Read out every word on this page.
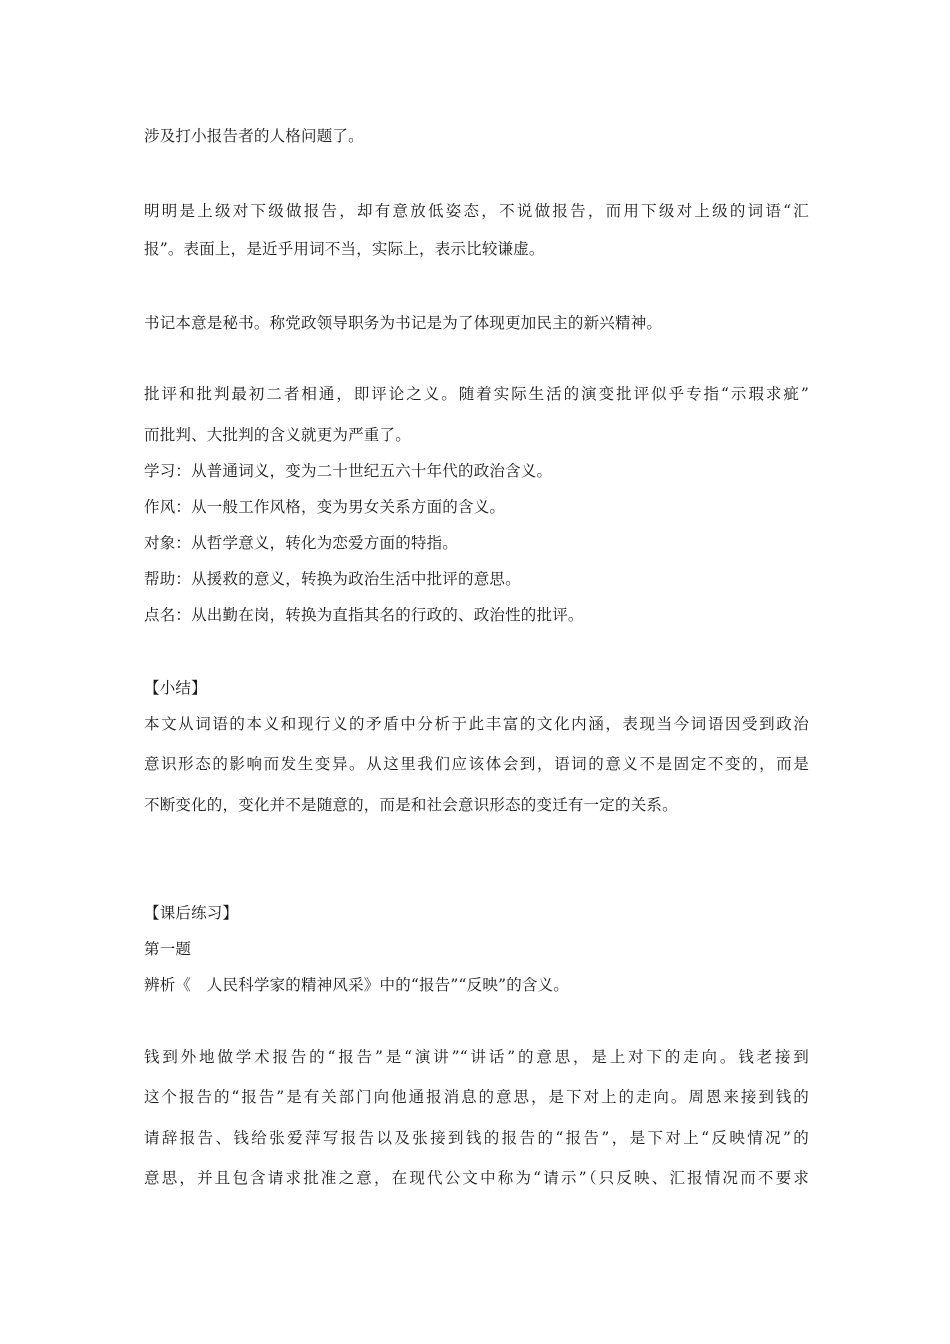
涉及打小报告者的人格问题了。
明明是上级对下级做报告，却有意放低姿态，不说做报告，而用下级对上级的词语“汇
报”。表面上，是近乎用词不当，实际上，表示比较谦虚。
书记本意是秘书。称党政领导职务为书记是为了体现更加民主的新兴精神。
批评和批判最初二者相通，即评论之义。随着实际生活的演变批评似乎专指“示瑕求疵”
而批判、大批判的含义就更为严重了。
学习：从普通词义，变为二十世纪五六十年代的政治含义。
作风：从一般工作风格，变为男女关系方面的含义。
对象：从哲学意义，转化为恋爱方面的特指。
帮助：从援救的意义，转换为政治生活中批评的意思。
点名：从出勤在岗，转换为直指其名的行政的、政治性的批评。
【小结】
本文从词语的本义和现行义的矛盾中分析于此丰富的文化内涵，表现当今词语因受到政治
意识形态的影响而发生变异。从这里我们应该体会到，语词的意义不是固定不变的，而是
不断变化的，变化并不是随意的，而是和社会意识形态的变迁有一定的关系。
【课后练习】
第一题
辨析《　人民科学家的精神风采》中的“报告”“反映”的含义。
钱到外地做学术报告的“报告”是“演讲”“讲话”的意思，是上对下的走向。钱老接到
这个报告的“报告”是有关部门向他通报消息的意思，是下对上的走向。周恩来接到钱的
请辞报告、钱给张爱萍写报告以及张接到钱的报告的“报告”，是下对上“反映情况”的
意思，并且包含请求批准之意，在现代公文中称为“请示”（只反映、汇报情况而不要求
